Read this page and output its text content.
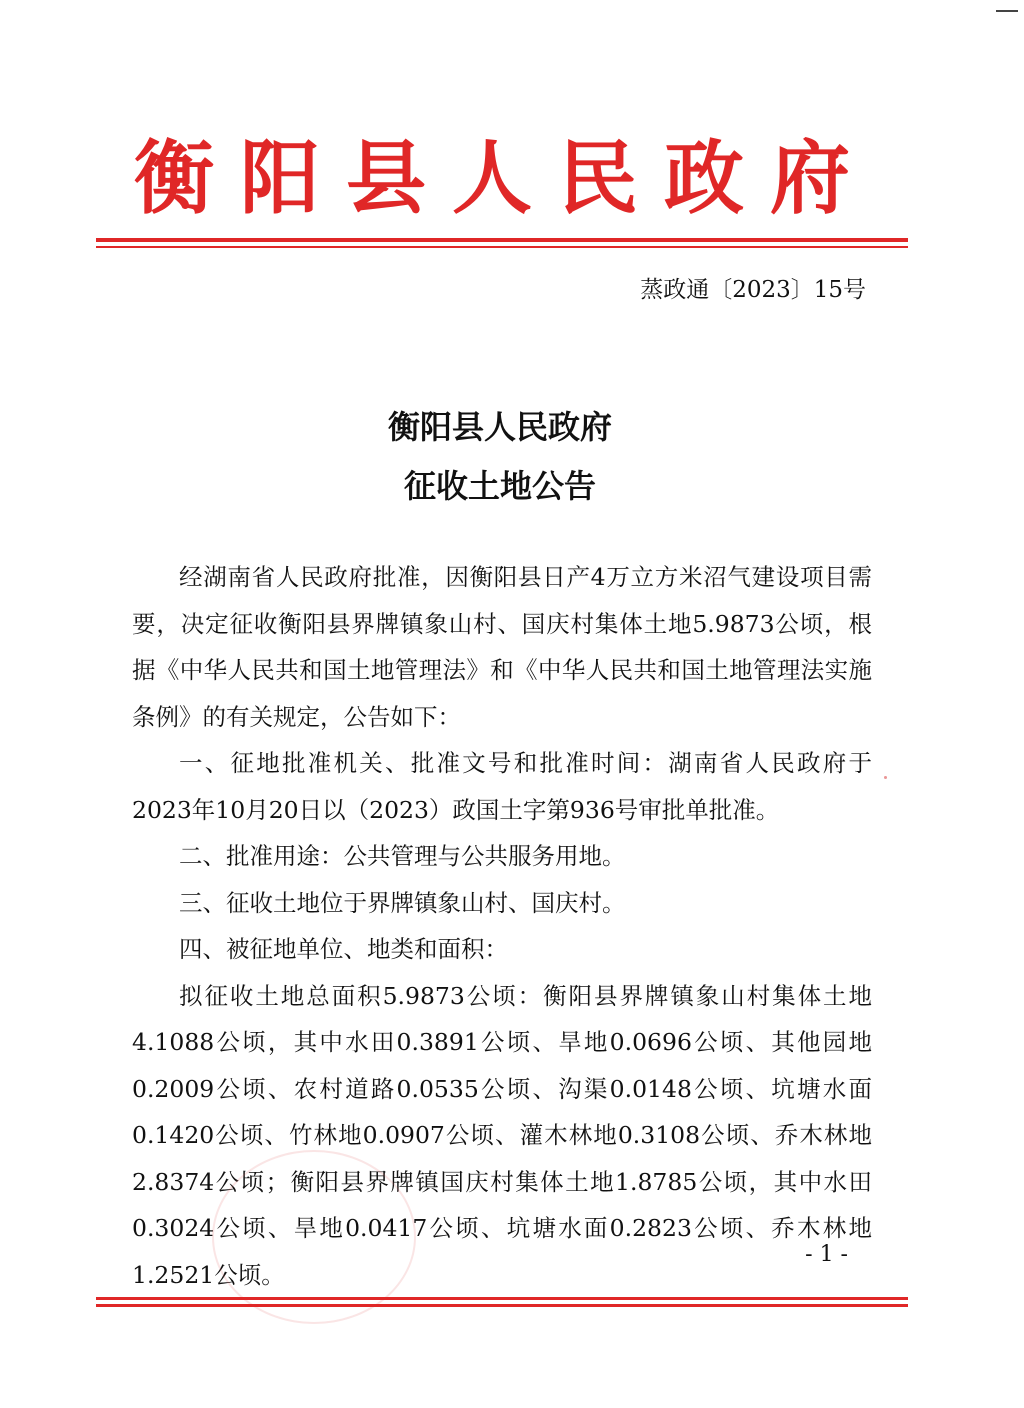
衡阳县人民政府
蒸政通〔2023〕15号
衡阳县人民政府
征收土地公告

经湖南省人民政府批准，因衡阳县日产4万立方米沼气建设项目需要，决定征收衡阳县界牌镇象山村、国庆村集体土地5.9873公顷，根据《中华人民共和国土地管理法》和《中华人民共和国土地管理法实施条例》的有关规定，公告如下：

一、征地批准机关、批准文号和批准时间：湖南省人民政府于2023年10月20日以（2023）政国土字第936号审批单批准。

二、批准用途：公共管理与公共服务用地。

三、征收土地位于界牌镇象山村、国庆村。

四、被征地单位、地类和面积：

拟征收土地总面积5.9873公顷：衡阳县界牌镇象山村集体土地4.1088公顷，其中水田0.3891公顷、旱地0.0696公顷、其他园地0.2009公顷、农村道路0.0535公顷、沟渠0.0148公顷、坑塘水面0.1420公顷、竹林地0.0907公顷、灌木林地0.3108公顷、乔木林地2.8374公顷；衡阳县界牌镇国庆村集体土地1.8785公顷，其中水田0.3024公顷、旱地0.0417公顷、坑塘水面0.2823公顷、乔木林地1.2521公顷。

- 1 -
